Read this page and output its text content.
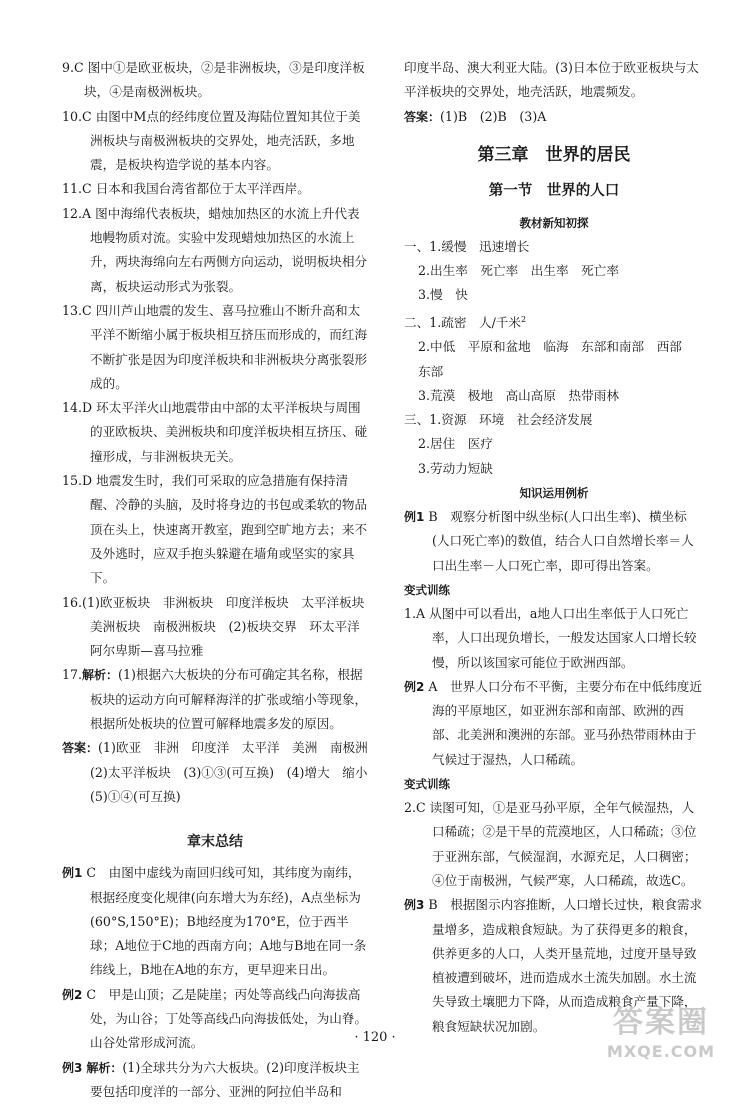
9.C 图中①是欧亚板块，②是非洲板块，③是印度洋板块，④是南极洲板块。

10.C 由图中M点的经纬度位置及海陆位置知其位于美洲板块与南极洲板块的交界处，地壳活跃，多地震，是板块构造学说的基本内容。

11.C 日本和我国台湾省都位于太平洋西岸。

12.A 图中海绵代表板块，蜡烛加热区的水流上升代表地幔物质对流。实验中发现蜡烛加热区的水流上升，两块海绵向左右两侧方向运动，说明板块相分离，板块运动形式为张裂。

13.C 四川芦山地震的发生、喜马拉雅山不断升高和太平洋不断缩小属于板块相互挤压而形成的，而红海不断扩张是因为印度洋板块和非洲板块分离张裂形成的。

14.D 环太平洋火山地震带由中部的太平洋板块与周围的亚欧板块、美洲板块和印度洋板块相互挤压、碰撞形成，与非洲板块无关。

15.D 地震发生时，我们可采取的应急措施有保持清醒、冷静的头脑，及时将身边的书包或柔软的物品顶在头上，快速离开教室，跑到空旷地方去；来不及外逃时，应双手抱头躲避在墙角或坚实的家具下。

16.(1)欧亚板块　非洲板块　印度洋板块　太平洋板块　美洲板块　南极洲板块　(2)板块交界　环太平洋　阿尔卑斯—喜马拉雅

17.解析：(1)根据六大板块的分布可确定其名称，根据板块的运动方向可解释海洋的扩张或缩小等现象，根据所处板块的位置可解释地震多发的原因。

答案：(1)欧亚　非洲　印度洋　太平洋　美洲　南极洲　(2)太平洋板块　(3)①③(可互换)　(4)增大　缩小　(5)①④(可互换)

章末总结

例1 C　由图中虚线为南回归线可知，其纬度为南纬，根据经度变化规律(向东增大为东经)，A点坐标为(60°S,150°E)；B地经度为170°E，位于西半球；A地位于C地的西南方向；A地与B地在同一条纬线上，B地在A地的东方，更早迎来日出。

例2 C　甲是山顶；乙是陡崖；丙处等高线凸向海拔高处，为山谷；丁处等高线凸向海拔低处，为山脊。山谷处常形成河流。

例3 解析：(1)全球共分为六大板块。(2)印度洋板块主要包括印度洋的一部分、亚洲的阿拉伯半岛和

印度半岛、澳大利亚大陆。(3)日本位于欧亚板块与太平洋板块的交界处，地壳活跃，地震频发。

答案：(1)B　(2)B　(3)A

第三章　世界的居民
第一节　世界的人口
教材新知初探

一、1.缓慢　迅速增长

2.出生率　死亡率　出生率　死亡率

3.慢　快

二、1.疏密　人/千米$^2$

2.中低　平原和盆地　临海　东部和南部　西部　东部

3.荒漠　极地　高山高原　热带雨林

三、1.资源　环境　社会经济发展

2.居住　医疗

3.劳动力短缺

知识运用例析

例1 B　观察分析图中纵坐标(人口出生率)、横坐标(人口死亡率)的数值，结合人口自然增长率＝人口出生率－人口死亡率，即可得出答案。

变式训练

1.A 从图中可以看出，a地人口出生率低于人口死亡率，人口出现负增长，一般发达国家人口增长较慢，所以该国家可能位于欧洲西部。

例2 A　世界人口分布不平衡，主要分布在中低纬度近海的平原地区，如亚洲东部和南部、欧洲的西部、北美洲和澳洲的东部。亚马孙热带雨林由于气候过于湿热，人口稀疏。

变式训练

2.C 读图可知，①是亚马孙平原，全年气候湿热，人口稀疏；②是干旱的荒漠地区，人口稀疏；③位于亚洲东部，气候湿润，水源充足，人口稠密；④位于南极洲，气候严寒，人口稀疏，故选C。

例3 B　根据图示内容推断，人口增长过快，粮食需求量增多，造成粮食短缺。为了获得更多的粮食，供养更多的人口，人类开垦荒地，过度开垦导致植被遭到破坏，进而造成水土流失加剧。水土流失导致土壤肥力下降，从而造成粮食产量下降，粮食短缺状况加剧。

· 120 ·	答案圈
MXQE.COM
